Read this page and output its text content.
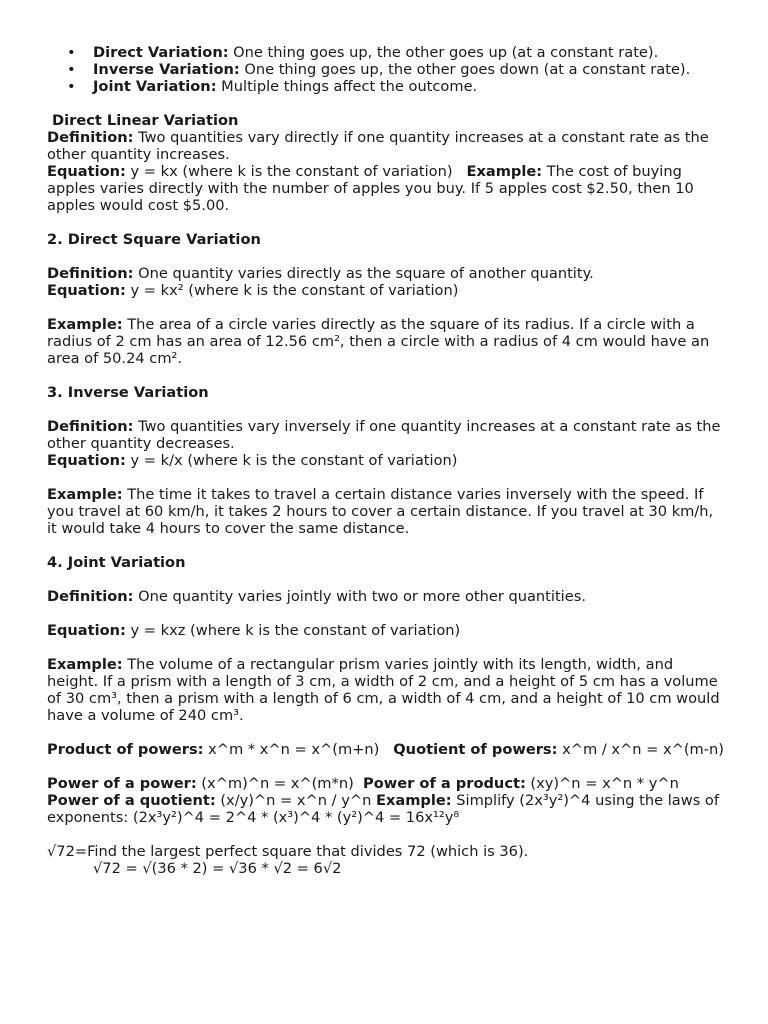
• Direct Variation: One thing goes up, the other goes up (at a constant rate).
• Inverse Variation: One thing goes up, the other goes down (at a constant rate).
• Joint Variation: Multiple things affect the outcome.

Direct Linear Variation

Definition: Two quantities vary directly if one quantity increases at a constant rate as the other quantity increases.

Equation: y = kx (where k is the constant of variation)   Example: The cost of buying apples varies directly with the number of apples you buy. If 5 apples cost $2.50, then 10 apples would cost $5.00.

2. Direct Square Variation

Definition: One quantity varies directly as the square of another quantity.

Equation: y = kx² (where k is the constant of variation)

Example: The area of a circle varies directly as the square of its radius. If a circle with a radius of 2 cm has an area of 12.56 cm², then a circle with a radius of 4 cm would have an area of 50.24 cm².

3. Inverse Variation

Definition: Two quantities vary inversely if one quantity increases at a constant rate as the other quantity decreases.

Equation: y = k/x (where k is the constant of variation)

Example: The time it takes to travel a certain distance varies inversely with the speed. If you travel at 60 km/h, it takes 2 hours to cover a certain distance. If you travel at 30 km/h, it would take 4 hours to cover the same distance.

4. Joint Variation

Definition: One quantity varies jointly with two or more other quantities.

Equation: y = kxz (where k is the constant of variation)

Example: The volume of a rectangular prism varies jointly with its length, width, and height. If a prism with a length of 3 cm, a width of 2 cm, and a height of 5 cm has a volume of 30 cm³, then a prism with a length of 6 cm, a width of 4 cm, and a height of 10 cm would have a volume of 240 cm³.

Product of powers: x^m * x^n = x^(m+n)   Quotient of powers: x^m / x^n = x^(m-n)

Power of a power: (x^m)^n = x^(m*n)  Power of a product: (xy)^n = x^n * y^n
Power of a quotient: (x/y)^n = x^n / y^n Example: Simplify (2x³y²)^4 using the laws of exponents: (2x³y²)^4 = 2^4 * (x³)^4 * (y²)^4 = 16x¹²y⁸

√72=Find the largest perfect square that divides 72 (which is 36).

√72 = √(36 * 2) = √36 * √2 = 6√2
